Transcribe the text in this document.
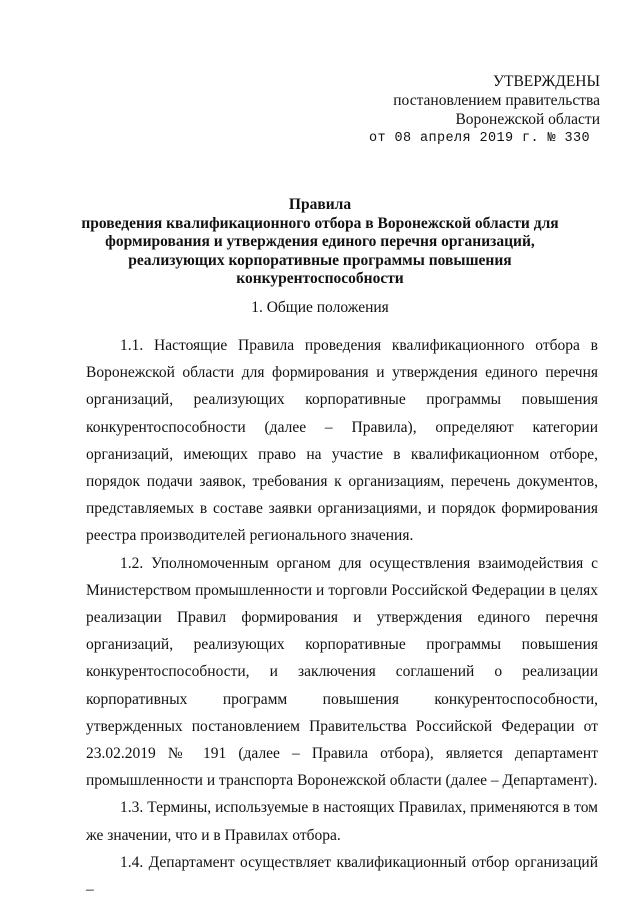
УТВЕРЖДЕНЫ
постановлением правительства
Воронежской области
от 08 апреля 2019 г. № 330
Правила
проведения квалификационного отбора в Воронежской области для
формирования и утверждения единого перечня организаций,
реализующих корпоративные программы повышения
конкурентоспособности
1. Общие положения

1.1. Настоящие Правила проведения квалификационного отбора в Воронежской области для формирования и утверждения единого перечня организаций, реализующих корпоративные программы повышения конкурентоспособности (далее – Правила), определяют категории организаций, имеющих право на участие в квалификационном отборе, порядок подачи заявок, требования к организациям, перечень документов, представляемых в составе заявки организациями, и порядок формирования реестра производителей регионального значения.

1.2. Уполномоченным органом для осуществления взаимодействия с Министерством промышленности и торговли Российской Федерации в целях реализации Правил формирования и утверждения единого перечня организаций, реализующих корпоративные программы повышения конкурентоспособности, и заключения соглашений о реализации корпоративных программ повышения конкурентоспособности, утвержденных постановлением Правительства Российской Федерации от 23.02.2019 № 191 (далее – Правила отбора), является департамент промышленности и транспорта Воронежской области (далее – Департамент).

1.3. Термины, используемые в настоящих Правилах, применяются в том же значении, что и в Правилах отбора.

1.4. Департамент осуществляет квалификационный отбор организаций –
